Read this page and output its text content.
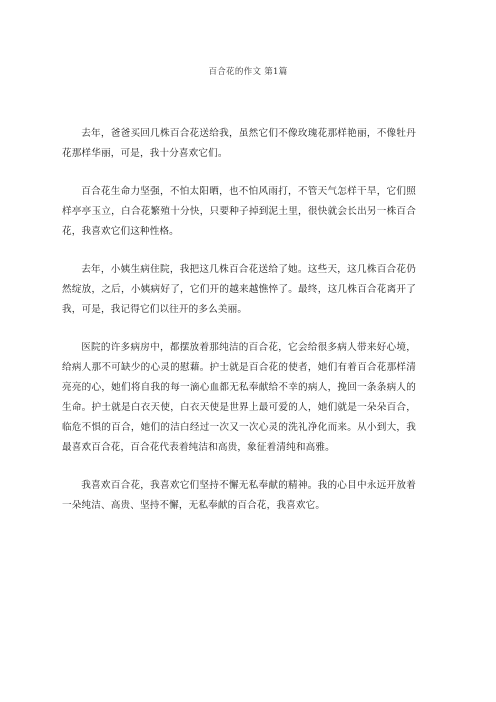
百合花的作文 第1篇

去年，爸爸买回几株百合花送给我，虽然它们不像玫瑰花那样艳丽，不像牡丹花那样华丽，可是，我十分喜欢它们。

百合花生命力坚强，不怕太阳晒，也不怕风雨打，不管天气怎样干旱，它们照样亭亭玉立，白合花繁殖十分快，只要种子掉到泥土里，很快就会长出另一株百合花，我喜欢它们这种性格。

去年，小姨生病住院，我把这几株百合花送给了她。这些天，这几株百合花仍然绽放，之后，小姨病好了，它们开的越来越憔悴了。最终，这几株百合花离开了我，可是，我记得它们以往开的多么美丽。

医院的许多病房中，都摆放着那纯洁的百合花，它会给很多病人带来好心境，给病人那不可缺少的心灵的慰藉。护士就是百合花的使者，她们有着百合花那样清亮亮的心，她们将自我的每一滴心血都无私奉献给不幸的病人，挽回一条条病人的生命。护士就是白衣天使，白衣天使是世界上最可爱的人，她们就是一朵朵百合，临危不惧的百合，她们的洁白经过一次又一次心灵的洗礼净化而来。从小到大，我最喜欢百合花，百合花代表着纯洁和高贵，象征着清纯和高雅。

我喜欢百合花，我喜欢它们坚持不懈无私奉献的精神。我的心目中永远开放着一朵纯洁、高贵、坚持不懈，无私奉献的百合花，我喜欢它。
